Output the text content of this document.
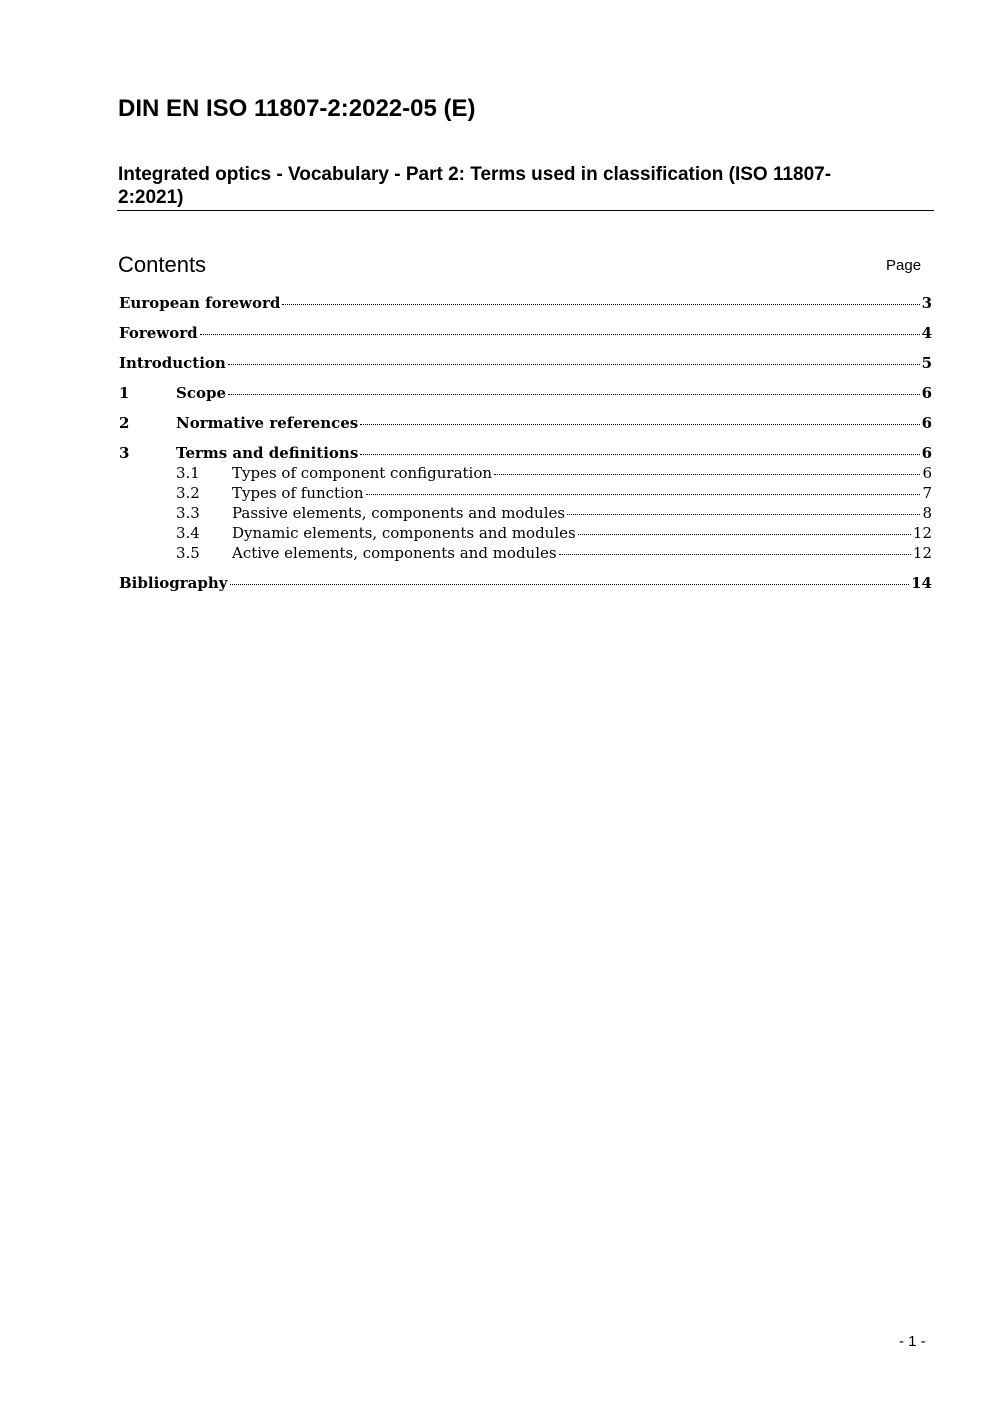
DIN EN ISO 11807-2:2022-05 (E)
Integrated optics - Vocabulary - Part 2: Terms used in classification (ISO 11807-2:2021)
Contents	Page
European foreword	3
Foreword	4
Introduction	5
1	Scope	6
2	Normative references	6
3	Terms and definitions	6
3.1	Types of component configuration	6
3.2	Types of function	7
3.3	Passive elements, components and modules	8
3.4	Dynamic elements, components and modules	12
3.5	Active elements, components and modules	12
Bibliography	14
- 1 -
